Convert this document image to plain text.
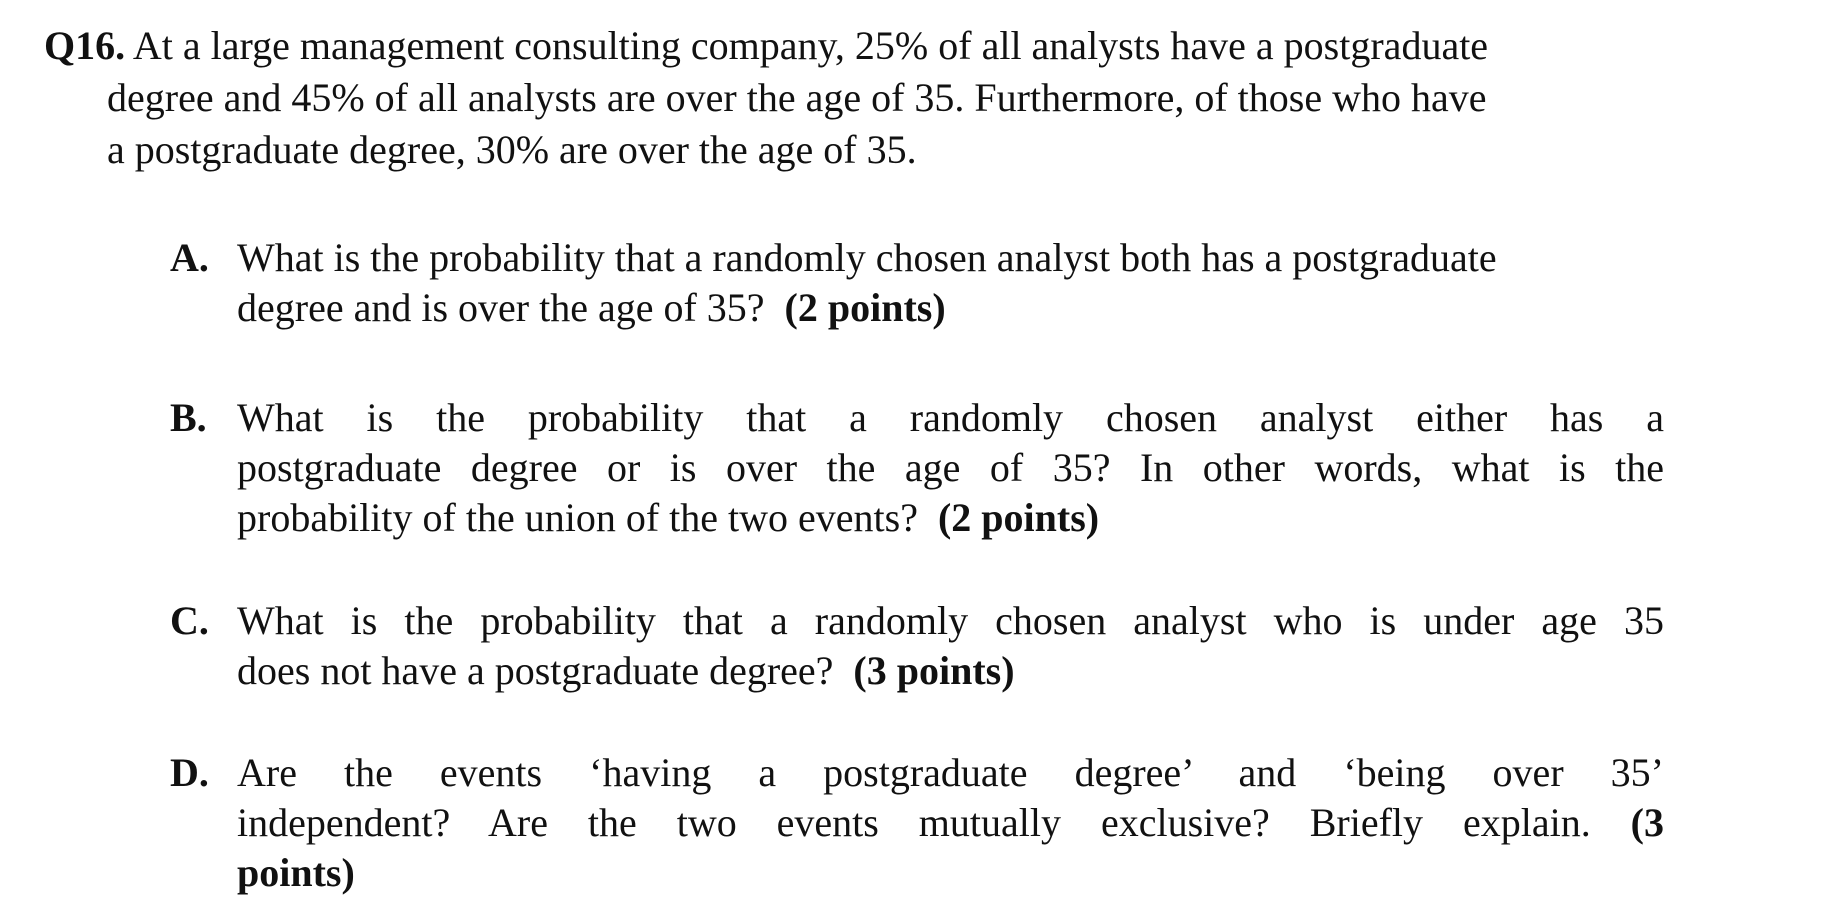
Q16. At a large management consulting company, 25% of all analysts have a postgraduate
degree and 45% of all analysts are over the age of 35. Furthermore, of those who have
a postgraduate degree, 30% are over the age of 35.
A. What is the probability that a randomly chosen analyst both has a postgraduate
degree and is over the age of 35? (2 points)
B. What is the probability that a randomly chosen analyst either has a
postgraduate degree or is over the age of 35? In other words, what is the
probability of the union of the two events? (2 points)
C. What is the probability that a randomly chosen analyst who is under age 35
does not have a postgraduate degree? (3 points)
D. Are the events ‘having a postgraduate degree’ and ‘being over 35’
independent? Are the two events mutually exclusive? Briefly explain. (3
points)
